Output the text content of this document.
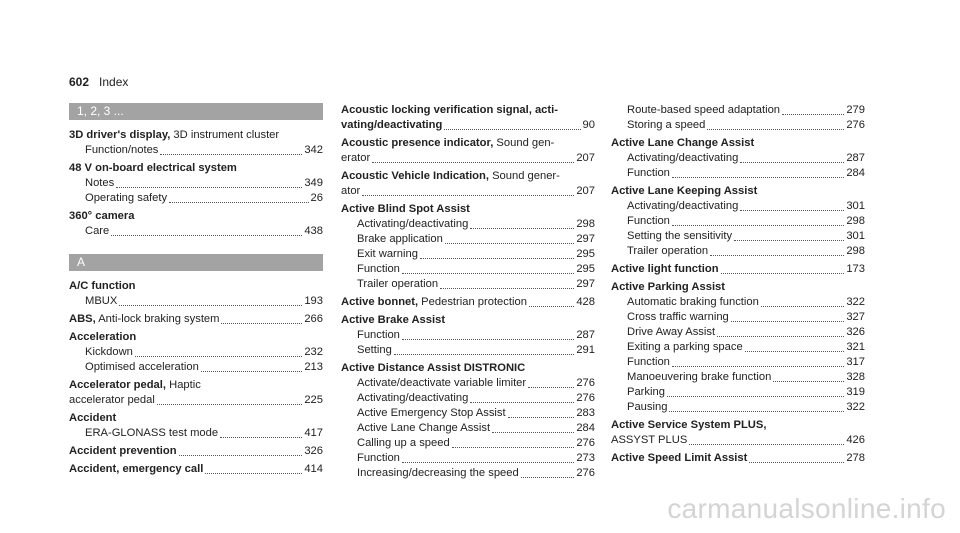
602 Index
1, 2, 3 ...
3D driver's display, 3D instrument cluster
Function/notes	342
48 V on-board electrical system
Notes	349
Operating safety	26
360° camera
Care	438
A
A/C function
MBUX	193
ABS, Anti-lock braking system	266
Acceleration
Kickdown	232
Optimised acceleration	213
Accelerator pedal, Haptic
accelerator pedal	225
Accident
ERA-GLONASS test mode	417
Accident prevention	326
Accident, emergency call	414
Acoustic locking verification signal, acti-
vating/deactivating	90
Acoustic presence indicator, Sound gen-
erator	207
Acoustic Vehicle Indication, Sound gener-
ator	207
Active Blind Spot Assist
Activating/deactivating	298
Brake application	297
Exit warning	295
Function	295
Trailer operation	297
Active bonnet, Pedestrian protection	428
Active Brake Assist
Function	287
Setting	291
Active Distance Assist DISTRONIC
Activate/deactivate variable limiter	276
Activating/deactivating	276
Active Emergency Stop Assist	283
Active Lane Change Assist	284
Calling up a speed	276
Function	273
Increasing/decreasing the speed	276
Route-based speed adaptation	279
Storing a speed	276
Active Lane Change Assist
Activating/deactivating	287
Function	284
Active Lane Keeping Assist
Activating/deactivating	301
Function	298
Setting the sensitivity	301
Trailer operation	298
Active light function	173
Active Parking Assist
Automatic braking function	322
Cross traffic warning	327
Drive Away Assist	326
Exiting a parking space	321
Function	317
Manoeuvering brake function	328
Parking	319
Pausing	322
Active Service System PLUS,
ASSYST PLUS	426
Active Speed Limit Assist	278
carmanualsonline.info
